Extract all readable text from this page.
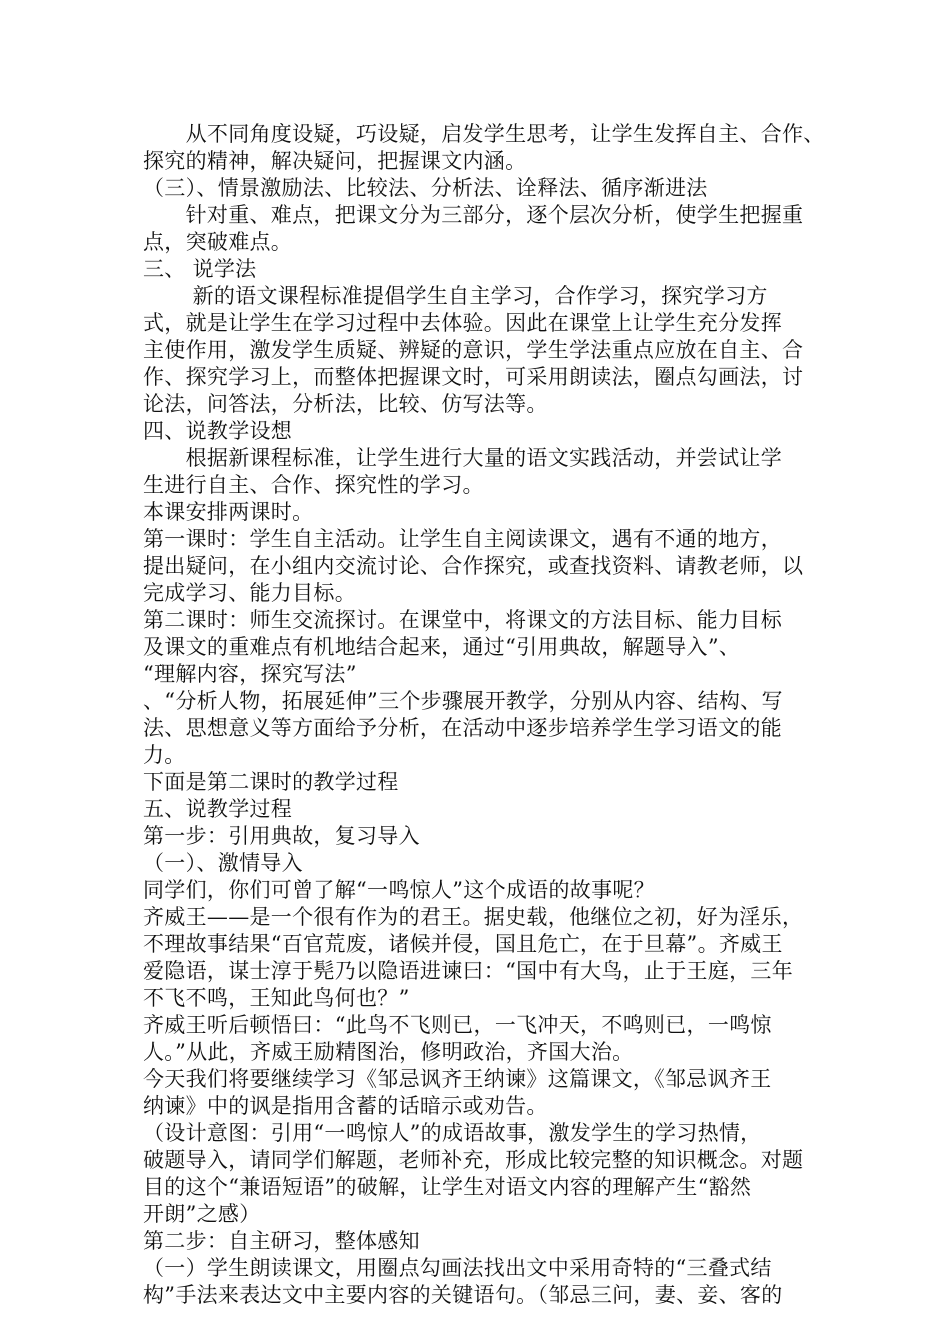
　　从不同角度设疑，巧设疑，启发学生思考，让学生发挥自主、合作、
探究的精神，解决疑问，把握课文内涵。
（三）、情景激励法、比较法、分析法、诠释法、循序渐进法
　　针对重、难点，把课文分为三部分，逐个层次分析，使学生把握重
点，突破难点。
三、 说学法
　　 新的语文课程标准提倡学生自主学习，合作学习，探究学习方
式，就是让学生在学习过程中去体验。因此在课堂上让学生充分发挥
主使作用，激发学生质疑、辨疑的意识，学生学法重点应放在自主、合
作、探究学习上，而整体把握课文时，可采用朗读法，圈点勾画法，讨
论法，问答法，分析法，比较、仿写法等。
四、说教学设想
　　根据新课程标准，让学生进行大量的语文实践活动，并尝试让学
生进行自主、合作、探究性的学习。
本课安排两课时。
第一课时：学生自主活动。让学生自主阅读课文，遇有不通的地方，
提出疑问，在小组内交流讨论、合作探究，或查找资料、请教老师，以
完成学习、能力目标。
第二课时：师生交流探讨。在课堂中，将课文的方法目标、能力目标
及课文的重难点有机地结合起来，通过“引用典故，解题导入”、
“理解内容，探究写法”
、“分析人物，拓展延伸”三个步骤展开教学，分别从内容、结构、写
法、思想意义等方面给予分析，在活动中逐步培养学生学习语文的能
力。
下面是第二课时的教学过程
五、说教学过程
第一步：引用典故，复习导入
（一）、激情导入
同学们，你们可曾了解“一鸣惊人”这个成语的故事呢？
齐威王——是一个很有作为的君王。据史载，他继位之初，好为淫乐，
不理故事结果“百官荒废，诸候并侵，国且危亡，在于旦幕”。齐威王
爱隐语，谋士淳于髡乃以隐语进谏曰：“国中有大鸟，止于王庭，三年
不飞不鸣，王知此鸟何也？”
齐威王听后顿悟曰：“此鸟不飞则已，一飞冲天，不鸣则已，一鸣惊
人。”从此，齐威王励精图治，修明政治，齐国大治。
今天我们将要继续学习《邹忌讽齐王纳谏》这篇课文，《邹忌讽齐王
纳谏》中的讽是指用含蓄的话暗示或劝告。
（设计意图：引用“一鸣惊人”的成语故事，激发学生的学习热情，
破题导入，请同学们解题，老师补充，形成比较完整的知识概念。对题
目的这个“兼语短语”的破解，让学生对语文内容的理解产生“豁然
开朗”之感）
第二步：自主研习，整体感知
（一）学生朗读课文，用圈点勾画法找出文中采用奇特的“三叠式结
构”手法来表达文中主要内容的关键语句。（邹忌三问，妻、妾、客的
